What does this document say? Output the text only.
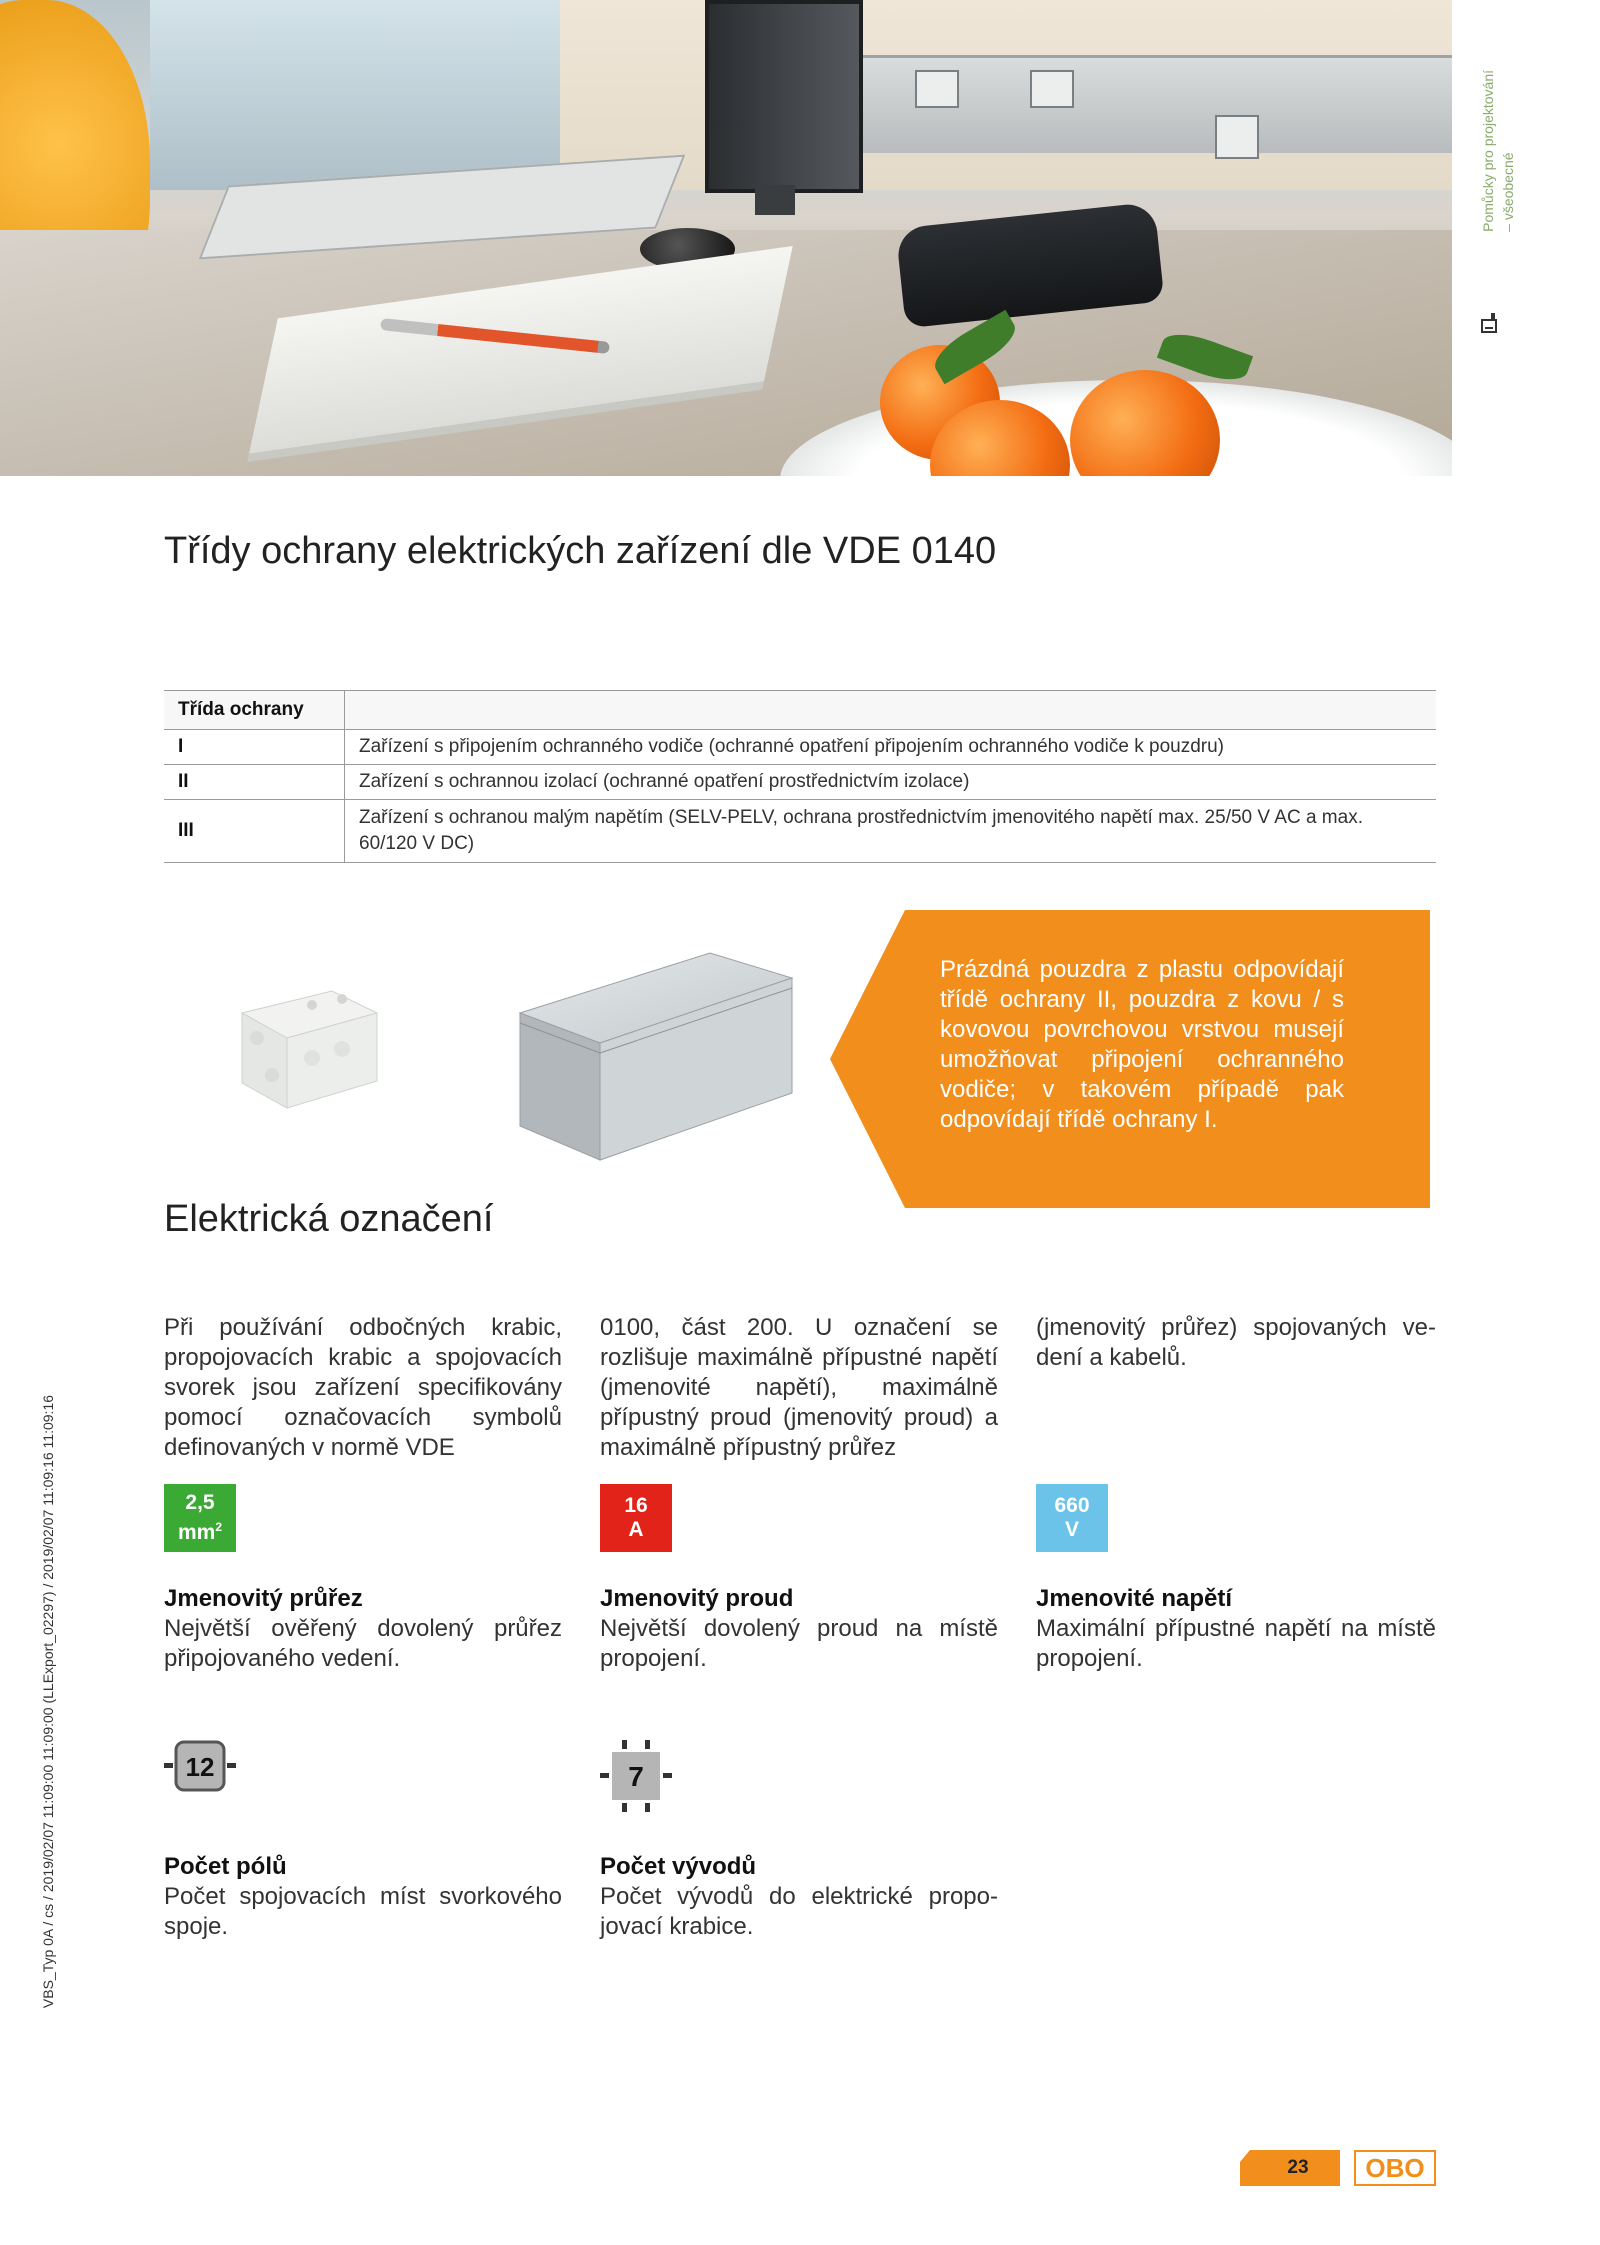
Pomůcky pro projektování – všeobecné
VBS_Typ 0A / cs / 2019/02/07 11:09:00 11:09:00 (LLExport_02297) / 2019/02/07 11:09:16 11:09:16
Třídy ochrany elektrických zařízení dle VDE 0140
Třída ochrany	
I	Zařízení s připojením ochranného vodiče (ochranné opatření připojením ochranného vodiče k pouzdru)
II	Zařízení s ochrannou izolací (ochranné opatření prostřednictvím izolace)
III	Zařízení s ochranou malým napětím (SELV-PELV, ochrana prostřednictvím jmenovitého napětí max. 25/50 V AC a max. 60/120 V DC)
Prázdná pouzdra z plastu odpovídají třídě ochrany II, pouzdra z kovu / s kovovou povrchovou vrstvou musejí umožňovat připojení ochranného vodiče; v takovém případě pak odpovídají třídě ochrany I.
Elektrická označení
Při používání odbočných krabic, propojovacích krabic a spojovacích svorek jsou zařízení specifikovány pomocí označovacích symbolů definovaných v normě VDE
0100, část 200. U označení se rozlišuje maximálně přípustné napětí (jmenovité napětí), maximálně přípustný proud (jmenovitý proud) a maximálně přípustný průřez
(jmenovitý průřez) spojovaných vedení a kabelů.
2,5
$mm^2$
16
A
660
V
Jmenovitý průřez
Největší ověřený dovolený průřez připojovaného vedení.
Jmenovitý proud
Největší dovolený proud na místě propojení.
Jmenovité napětí
Maximální přípustné napětí na místě propojení.
12	7
Počet pólů
Počet spojovacích míst svorkového spoje.
Počet vývodů
Počet vývodů do elektrické propojovací krabice.
23	OBO
